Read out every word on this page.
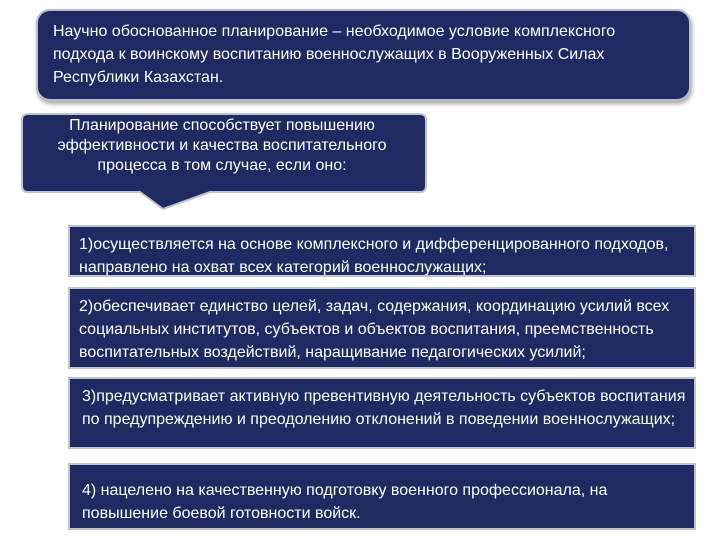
Научно обоснованное планирование – необходимое условие комплексного подхода к воинскому воспитанию военнослужащих в Вооруженных Силах Республики Казахстан.
Планирование способствует повышению эффективности и качества воспитательного процесса в том случае, если оно:
1)осуществляется на основе комплексного и дифференцированного подходов, направлено на охват всех категорий военнослужащих;
2)обеспечивает единство целей, задач, содержания, координацию усилий всех социальных институтов, субъектов и объектов воспитания, преемственность воспитательных воздействий, наращивание педагогических усилий;
3)предусматривает активную превентивную деятельность субъектов воспитания по предупреждению и преодолению отклонений в поведении военнослужащих;
4) нацелено на качественную подготовку военного профессионала, на повышение боевой готовности войск.
